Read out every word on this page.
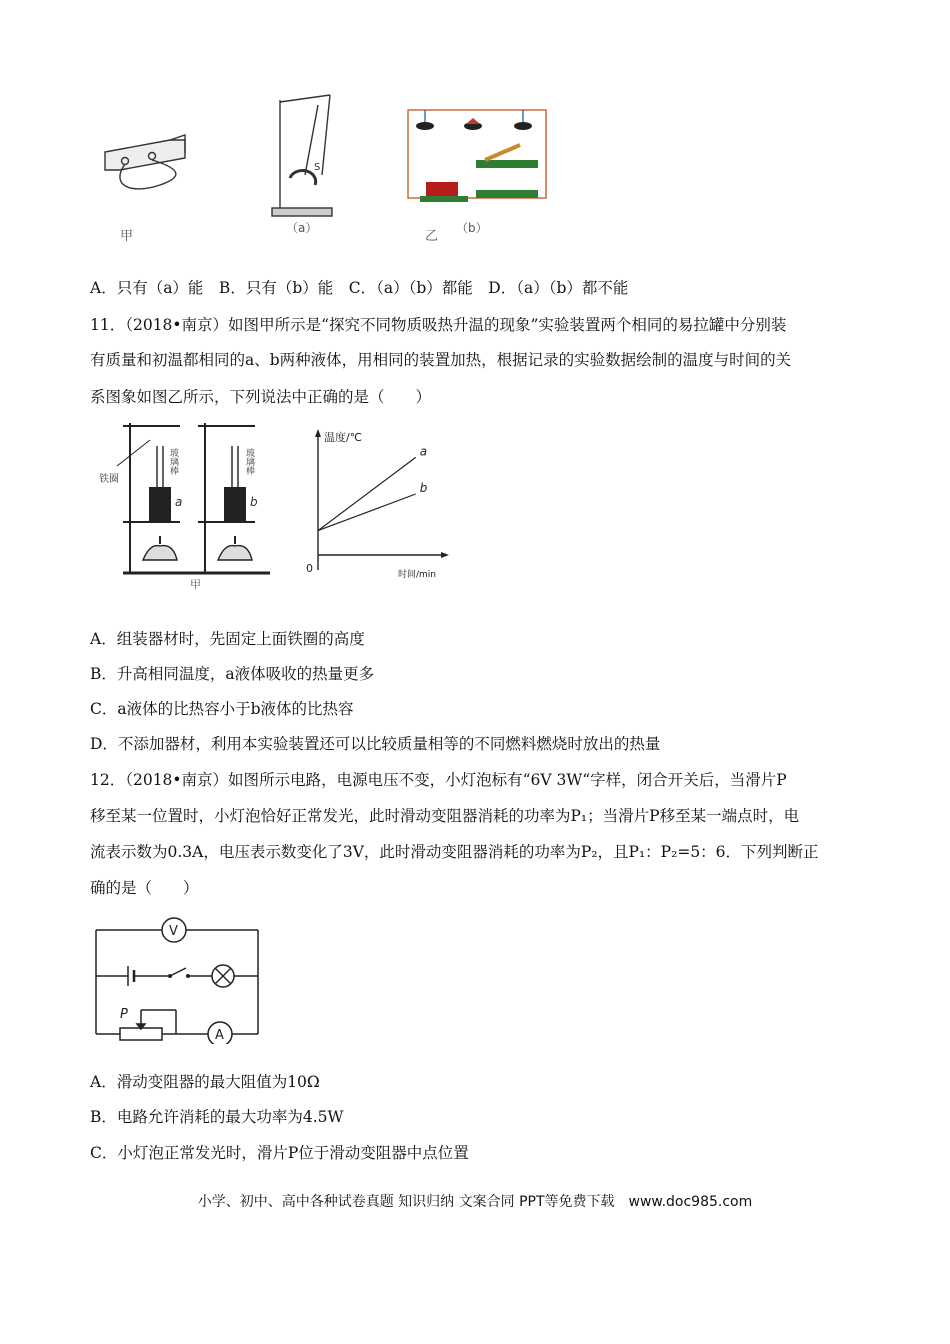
甲
S
（a）
乙
（b）
A．只有（a）能　B．只有（b）能　C．（a）（b）都能　D．（a）（b）都不能
11．（2018•南京）如图甲所示是“探究不同物质吸热升温的现象”实验装置两个相同的易拉罐中分别装
有质量和初温都相同的a、b两种液体，用相同的装置加热，根据记录的实验数据绘制的温度与时间的关
系图象如图乙所示，下列说法中正确的是（　　）
铁圈
玻璃棒	玻璃棒
a	b
甲
温度/℃
时间/min
0
a
b
A．组装器材时，先固定上面铁圈的高度
B．升高相同温度，a液体吸收的热量更多
C．a液体的比热容小于b液体的比热容
D．不添加器材，利用本实验装置还可以比较质量相等的不同燃料燃烧时放出的热量
12．（2018•南京）如图所示电路，电源电压不变，小灯泡标有“6V 3W“字样，闭合开关后，当滑片P
移至某一位置时，小灯泡恰好正常发光，此时滑动变阻器消耗的功率为P₁；当滑片P移至某一端点时，电
流表示数为0.3A，电压表示数变化了3V，此时滑动变阻器消耗的功率为P₂，且P₁：P₂=5：6．下列判断正
确的是（　　）
V
A
P
A．滑动变阻器的最大阻值为10Ω
B．电路允许消耗的最大功率为4.5W
C．小灯泡正常发光时，滑片P位于滑动变阻器中点位置
小学、初中、高中各种试卷真题 知识归纳 文案合同 PPT等免费下载　www.doc985.com
